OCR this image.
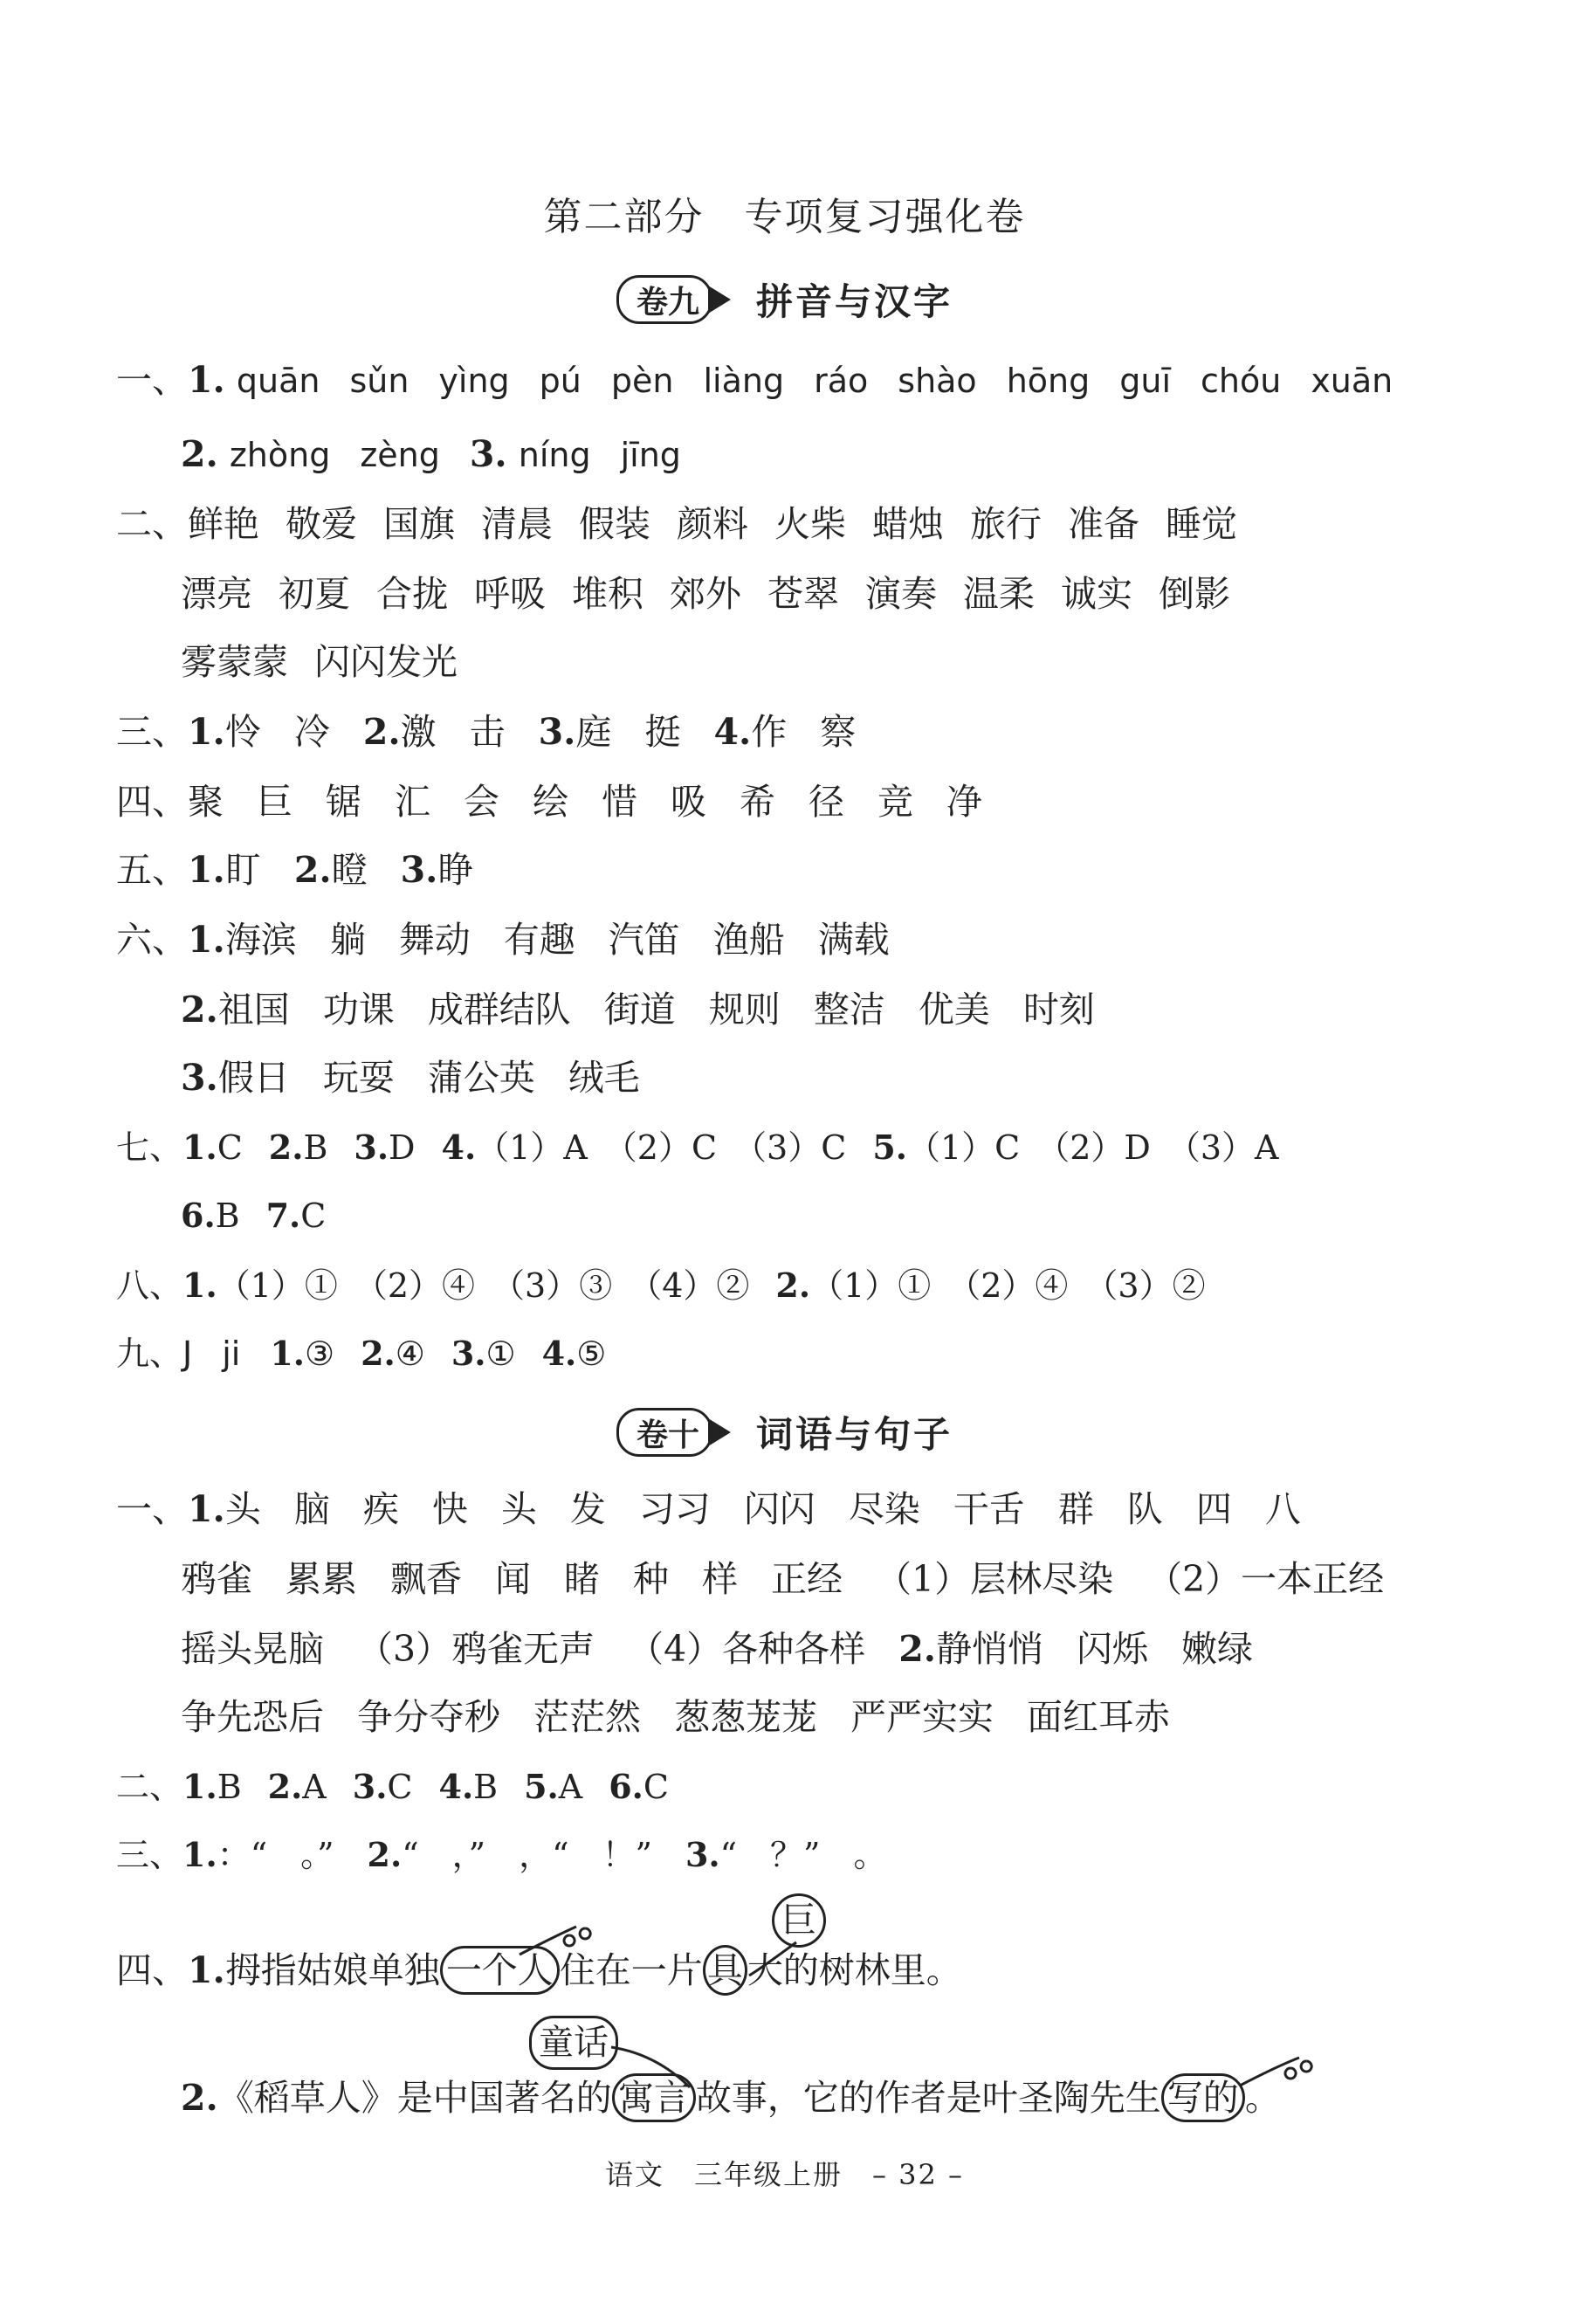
第二部分　专项复习强化卷
卷九 拼音与汉字
一、1. quān sǔn yìng pú pèn liàng ráo shào hōng guī chóu xuān
2. zhòng zèng 3. níng jīng
二、鲜艳 敬爱 国旗 清晨 假装 颜料 火柴 蜡烛 旅行 准备 睡觉
漂亮 初夏 合拢 呼吸 堆积 郊外 苍翠 演奏 温柔 诚实 倒影
雾蒙蒙 闪闪发光
三、1.怜 冷 2.激 击 3.庭 挺 4.作 察
四、聚 巨 锯 汇 会 绘 惜 吸 希 径 竞 净
五、1.盯 2.瞪 3.睁
六、1.海滨 躺 舞动 有趣 汽笛 渔船 满载
2.祖国 功课 成群结队 街道 规则 整洁 优美 时刻
3.假日 玩耍 蒲公英 绒毛
七、1.C 2.B 3.D 4.（1）A　（2）C　（3）C 5.（1）C　（2）D　（3）A
6.B 7.C
八、1.（1）①　（2）④　（3）③　（4）② 2.（1）①　（2）④　（3）②
九、J ji 1.③ 2.④ 3.① 4.⑤
卷十 词语与句子
一、1.头 脑 疾 快 头 发 习习 闪闪 尽染 干舌 群 队 四 八
鸦雀 累累 飘香 闻 睹 种 样 正经 （1）层林尽染 （2）一本正经
摇头晃脑 （3）鸦雀无声 （4）各种各样 2.静悄悄 闪烁 嫩绿
争先恐后 争分夺秒 茫茫然 葱葱茏茏 严严实实 面红耳赤
二、1.B 2.A 3.C 4.B 5.A 6.C
三、1.：“　。” 2.“　，”　，“　！” 3.“　？”　。
巨
四、1.拇指姑娘单独 一个人 住在一片 具 大的树林里。
童话
2.《稻草人》是中国著名的 寓言 故事，它的作者是叶圣陶先生 写的 。
语文　三年级上册　– 32 –
